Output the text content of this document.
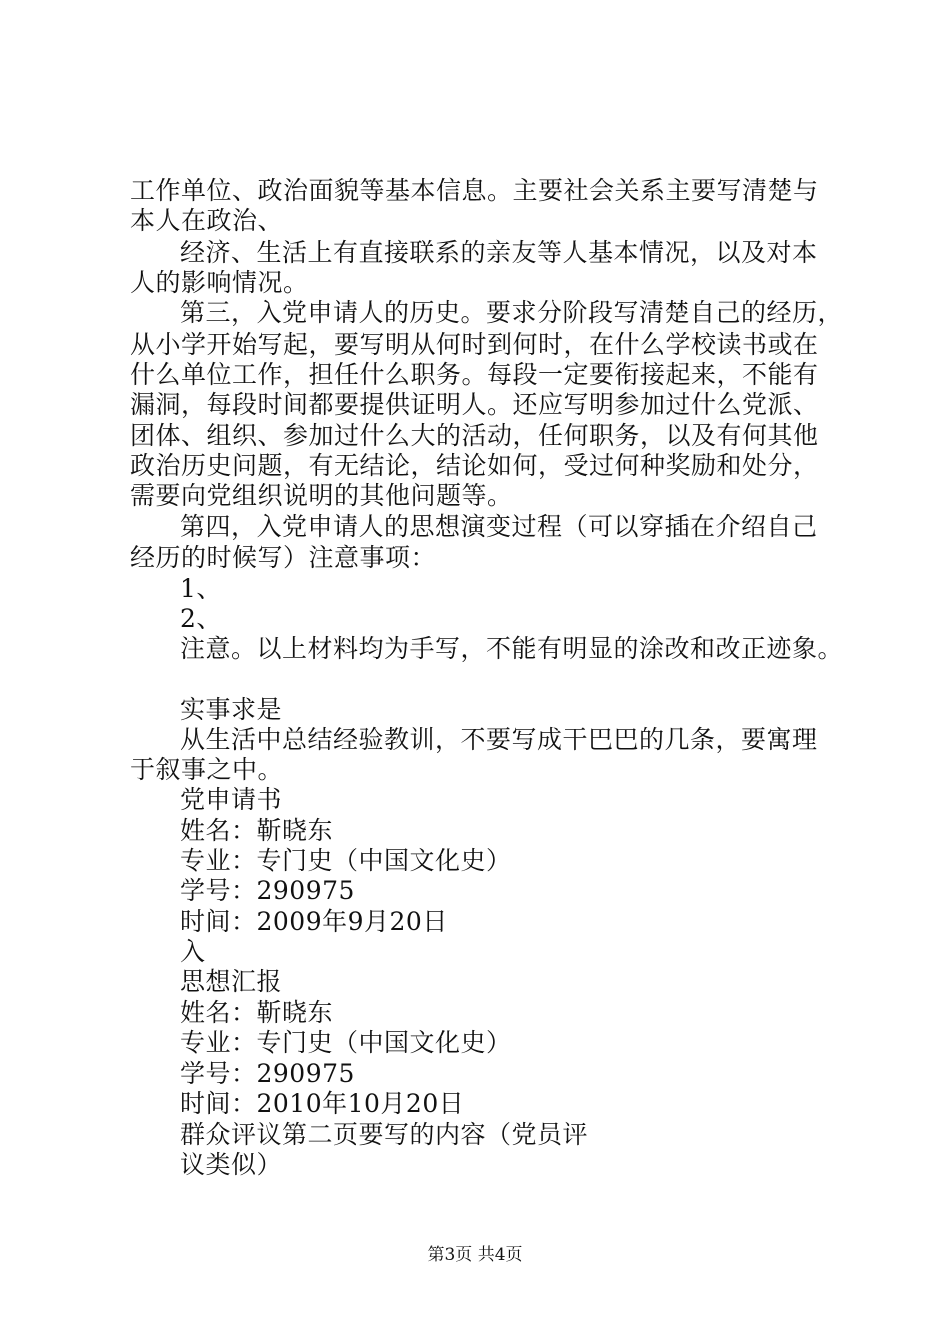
工作单位、政治面貌等基本信息。主要社会关系主要写清楚与
本人在政治、
经济、生活上有直接联系的亲友等人基本情况，以及对本
人的影响情况。
第三，入党申请人的历史。要求分阶段写清楚自己的经历，
从小学开始写起，要写明从何时到何时，在什么学校读书或在
什么单位工作，担任什么职务。每段一定要衔接起来，不能有
漏洞，每段时间都要提供证明人。还应写明参加过什么党派、
团体、组织、参加过什么大的活动，任何职务，以及有何其他
政治历史问题，有无结论，结论如何，受过何种奖励和处分，
需要向党组织说明的其他问题等。
第四，入党申请人的思想演变过程（可以穿插在介绍自己
经历的时候写）注意事项：
1、
2、
注意。以上材料均为手写，不能有明显的涂改和改正迹象。
实事求是
从生活中总结经验教训，不要写成干巴巴的几条，要寓理
于叙事之中。
党申请书
姓名：靳晓东
专业：专门史（中国文化史）
学号：290975
时间：2009年9月20日
入
思想汇报
姓名：靳晓东
专业：专门史（中国文化史）
学号：290975
时间：2010年10月20日
群众评议第二页要写的内容（党员评
议类似）
第3页 共4页
